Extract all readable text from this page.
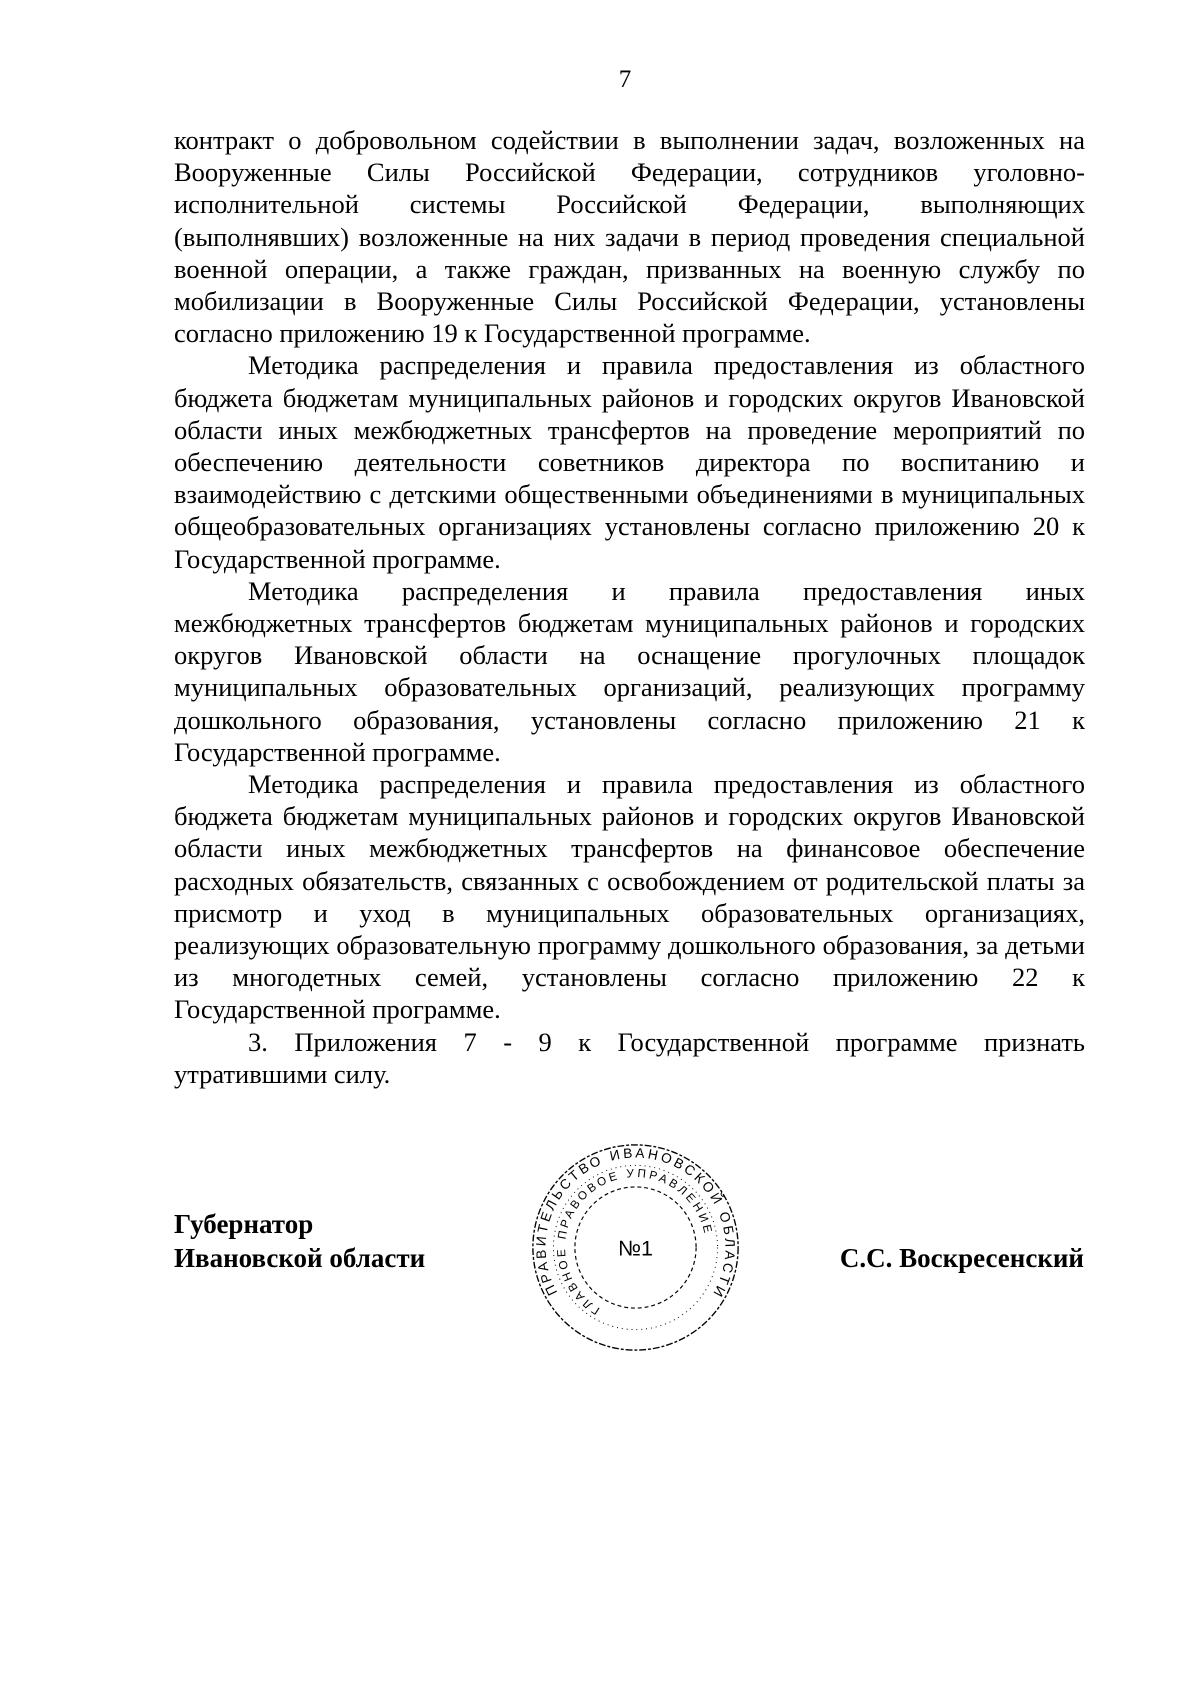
7

контракт о добровольном содействии в выполнении задач, возложенных на Вооруженные Силы Российской Федерации, сотрудников уголовно-исполнительной системы Российской Федерации, выполняющих (выполнявших) возложенные на них задачи в период проведения специальной военной операции, а также граждан, призванных на военную службу по мобилизации в Вооруженные Силы Российской Федерации, установлены согласно приложению 19 к Государственной программе.

Методика распределения и правила предоставления из областного бюджета бюджетам муниципальных районов и городских округов Ивановской области иных межбюджетных трансфертов на проведение мероприятий по обеспечению деятельности советников директора по воспитанию и взаимодействию с детскими общественными объединениями в муниципальных общеобразовательных организациях установлены согласно приложению 20 к Государственной программе.

Методика распределения и правила предоставления иных межбюджетных трансфертов бюджетам муниципальных районов и городских округов Ивановской области на оснащение прогулочных площадок муниципальных образовательных организаций, реализующих программу дошкольного образования, установлены согласно приложению 21 к Государственной программе.

Методика распределения и правила предоставления из областного бюджета бюджетам муниципальных районов и городских округов Ивановской области иных межбюджетных трансфертов на финансовое обеспечение расходных обязательств, связанных с освобождением от родительской платы за присмотр и уход в муниципальных образовательных организациях, реализующих образовательную программу дошкольного образования, за детьми из многодетных семей, установлены согласно приложению 22 к Государственной программе.

3. Приложения 7 - 9 к Государственной программе признать утратившими силу.

Губернатор
Ивановской области	С.С. Воскресенский
ПРАВИТЕЛЬСТВО ИВАНОВСКОЙ ОБЛАСТИ
ГЛАВНОЕ ПРАВОВОЕ УПРАВЛЕНИЕ
№1
